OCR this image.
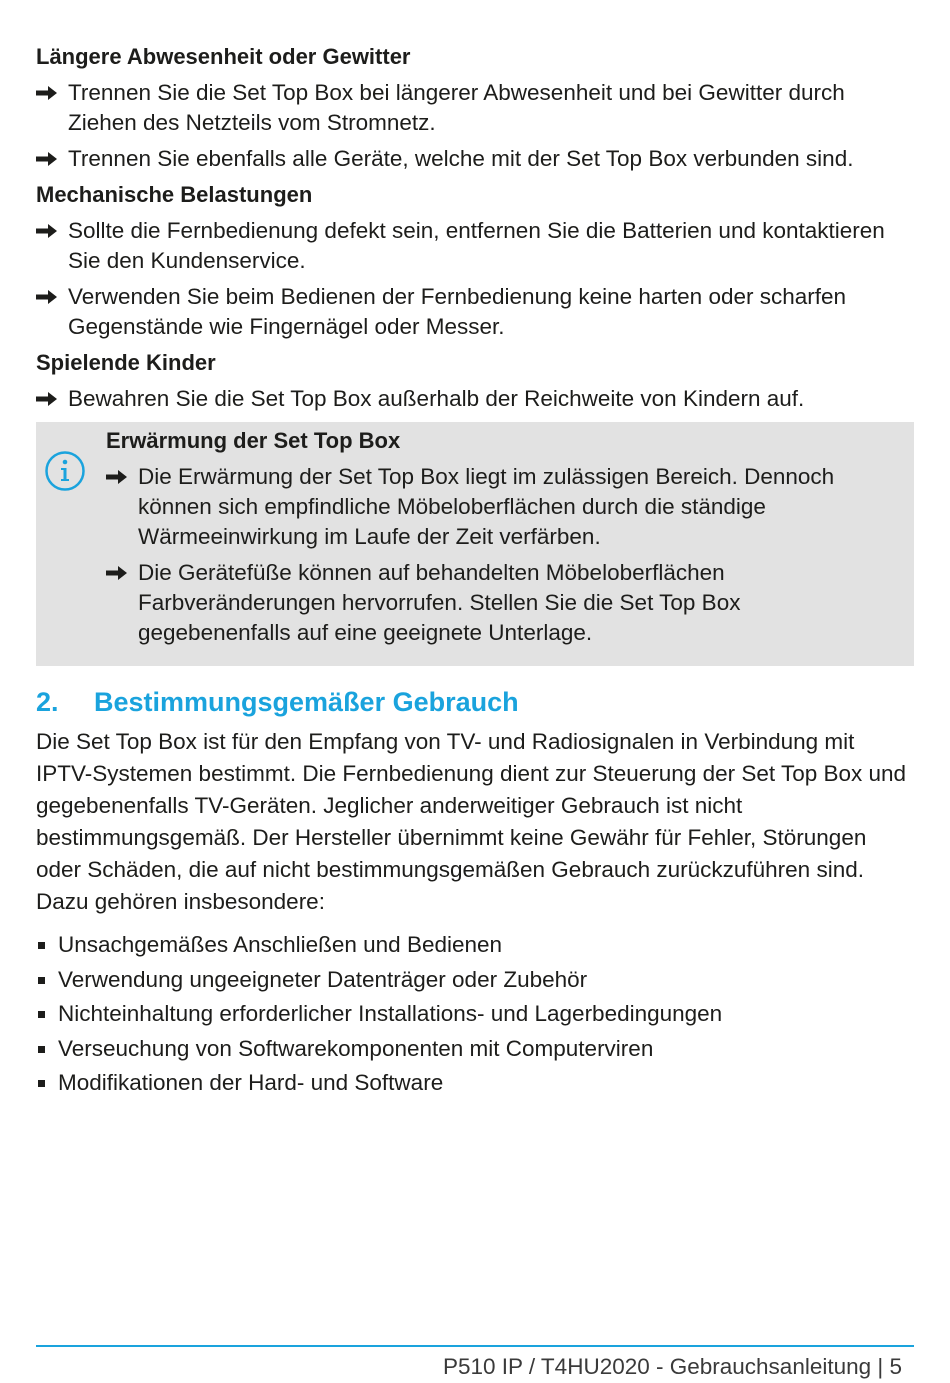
Längere Abwesenheit oder Gewitter
Trennen Sie die Set Top Box bei längerer Abwesenheit und bei Gewitter durch Ziehen des Netzteils vom Stromnetz.
Trennen Sie ebenfalls alle Geräte, welche mit der Set Top Box verbunden sind.
Mechanische Belastungen
Sollte die Fernbedienung defekt sein, entfernen Sie die Batterien und kontaktieren Sie den Kundenservice.
Verwenden Sie beim Bedienen der Fernbedienung keine harten oder scharfen Gegenstände wie Fingernägel oder Messer.
Spielende Kinder
Bewahren Sie die Set Top Box außerhalb der Reichweite von Kindern auf.
Erwärmung der Set Top Box
Die Erwärmung der Set Top Box liegt im zulässigen Bereich. Dennoch können sich empfindliche Möbeloberflächen durch die ständige Wärmeeinwirkung im Laufe der Zeit verfärben.
Die Gerätefüße können auf behandelten Möbeloberflächen Farbveränderungen hervorrufen. Stellen Sie die Set Top Box gegebenenfalls auf eine geeignete Unterlage.
2. Bestimmungsgemäßer Gebrauch

Die Set Top Box ist für den Empfang von TV- und Radiosignalen in Verbindung mit IPTV-Systemen bestimmt. Die Fernbedienung dient zur Steuerung der Set Top Box und gegebenenfalls TV-Geräten. Jeglicher anderweitiger Gebrauch ist nicht bestimmungsgemäß. Der Hersteller übernimmt keine Gewähr für Fehler, Störungen oder Schäden, die auf nicht bestimmungsgemäßen Gebrauch zurückzuführen sind. Dazu gehören insbesondere:

Unsachgemäßes Anschließen und Bedienen
Verwendung ungeeigneter Datenträger oder Zubehör
Nichteinhaltung erforderlicher Installations- und Lagerbedingungen
Verseuchung von Softwarekomponenten mit Computerviren
Modifikationen der Hard- und Software
P510 IP / T4HU2020 - Gebrauchsanleitung | 5
